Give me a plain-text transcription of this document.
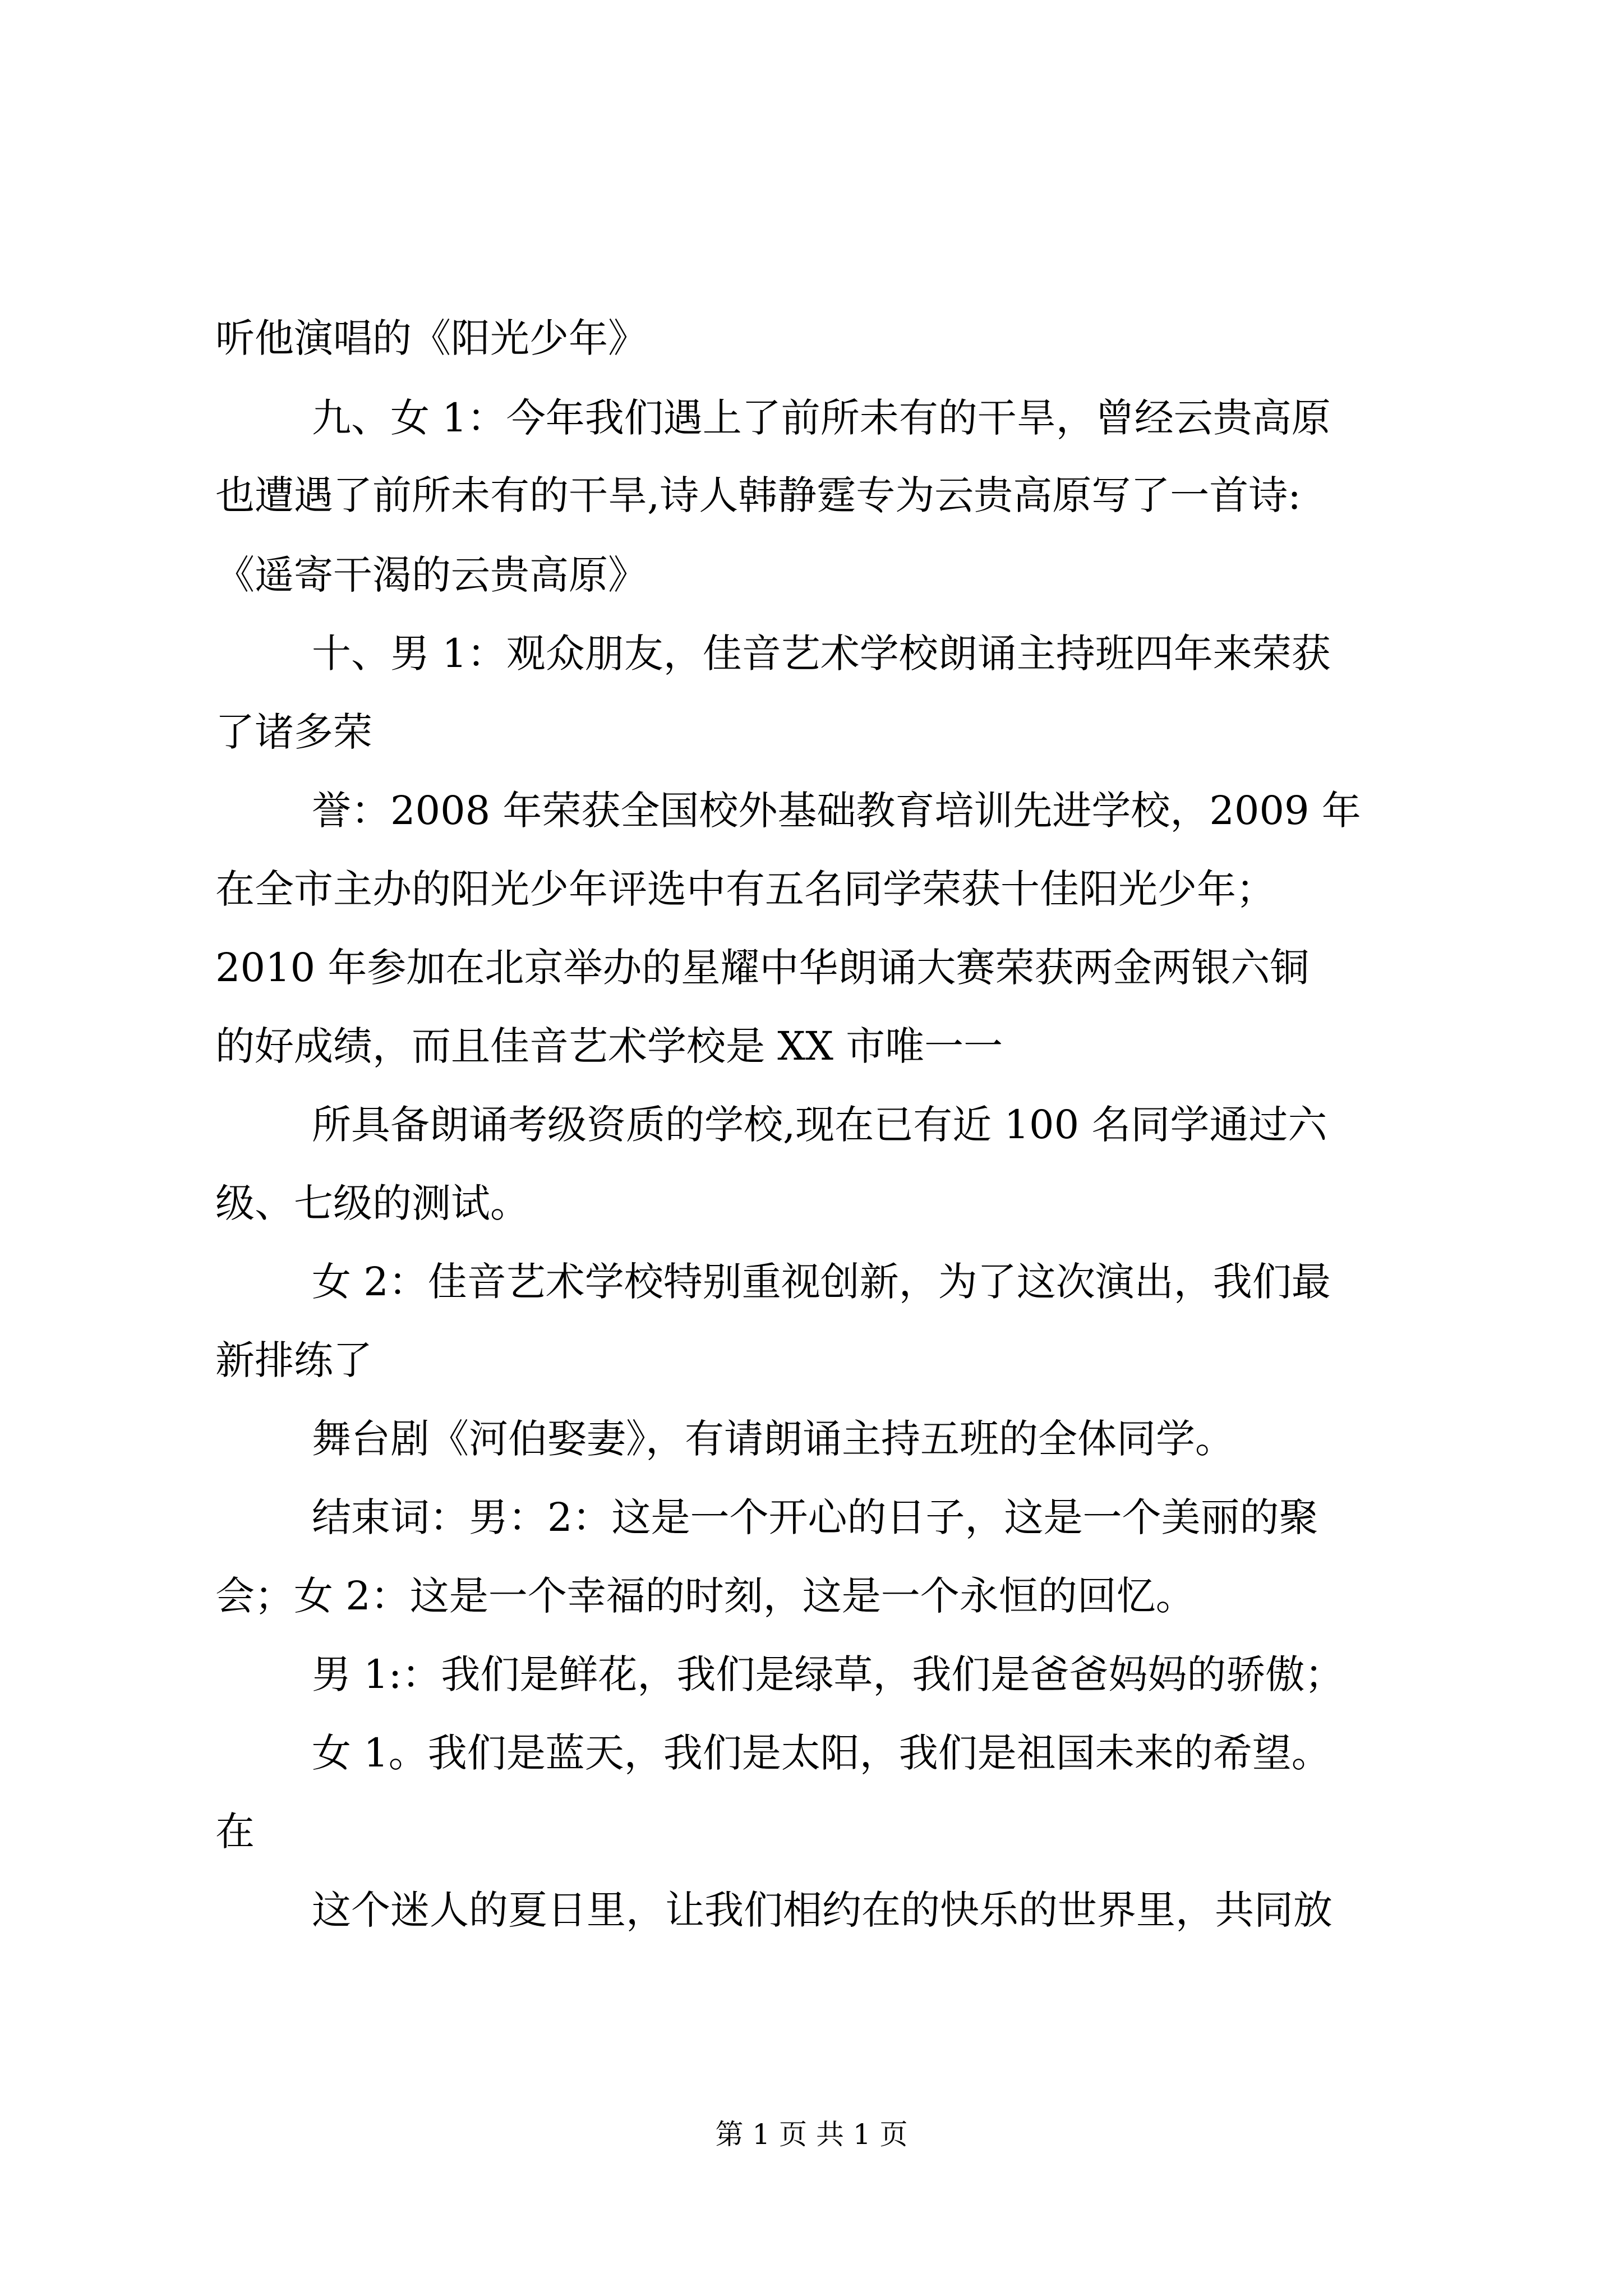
听他演唱的《阳光少年》

九、女 1：今年我们遇上了前所未有的干旱，曾经云贵高原

也遭遇了前所未有的干旱,诗人韩静霆专为云贵高原写了一首诗:

《遥寄干渴的云贵高原》

十、男 1：观众朋友，佳音艺术学校朗诵主持班四年来荣获

了诸多荣

誉：2008 年荣获全国校外基础教育培训先进学校，2009 年

在全市主办的阳光少年评选中有五名同学荣获十佳阳光少年；

2010 年参加在北京举办的星耀中华朗诵大赛荣获两金两银六铜

的好成绩，而且佳音艺术学校是 XX 市唯一一

所具备朗诵考级资质的学校,现在已有近 100 名同学通过六

级、七级的测试。

女 2：佳音艺术学校特别重视创新，为了这次演出，我们最

新排练了

舞台剧《河伯娶妻》，有请朗诵主持五班的全体同学。

结束词：男：2：这是一个开心的日子，这是一个美丽的聚

会；女 2：这是一个幸福的时刻，这是一个永恒的回忆。

男 1:：我们是鲜花，我们是绿草，我们是爸爸妈妈的骄傲；

女 1。我们是蓝天，我们是太阳，我们是祖国未来的希望。

在

这个迷人的夏日里，让我们相约在的快乐的世界里，共同放

第 1 页 共 1 页
